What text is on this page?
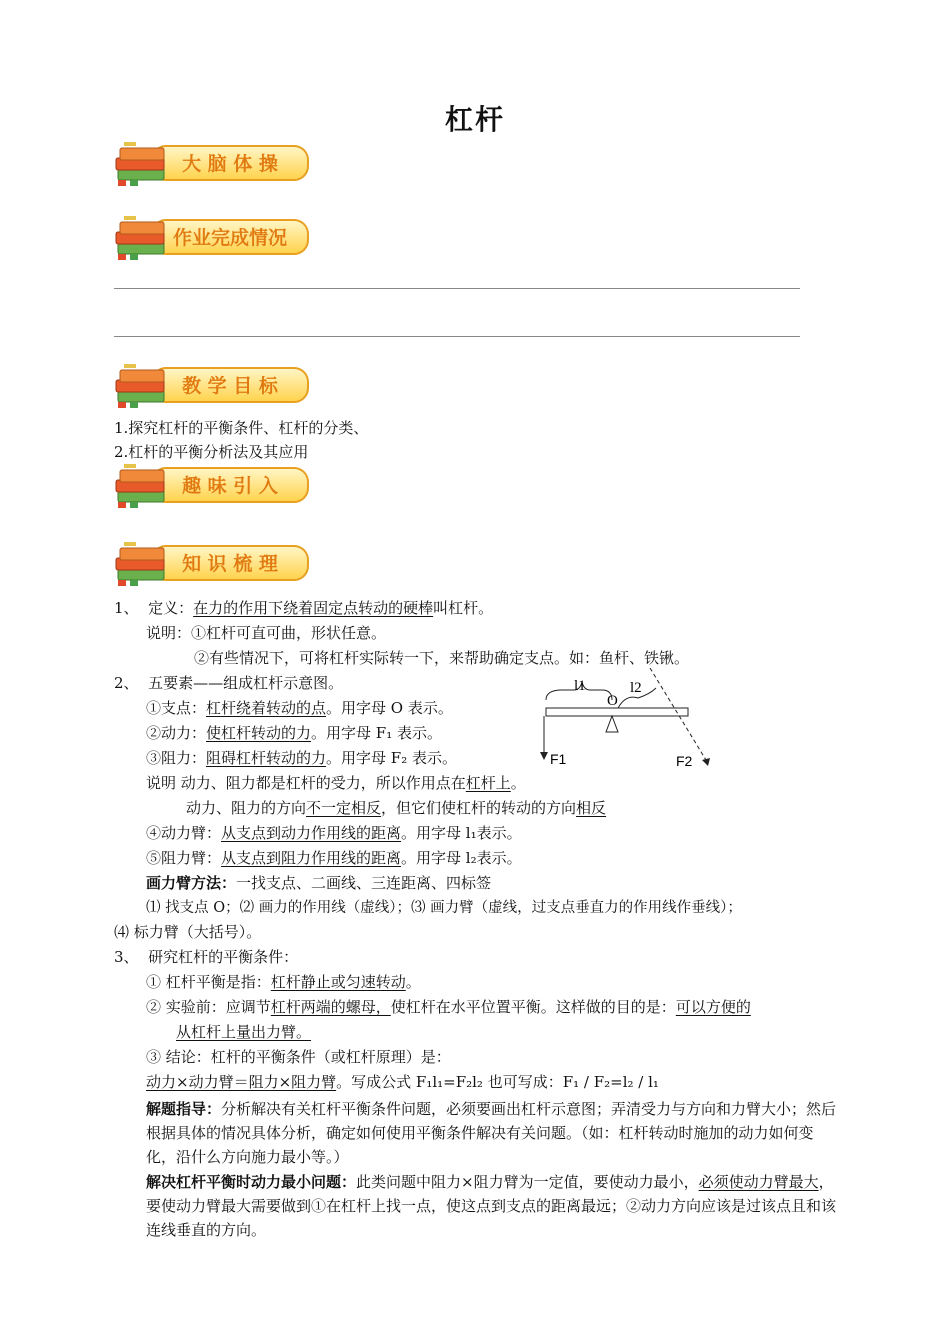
杠杆
大 脑 体 操
作业完成情况
教 学 目 标
1.探究杠杆的平衡条件、杠杆的分类、
2.杠杆的平衡分析法及其应用
趣 味 引 入
知 识 梳 理
1、 定义：在力的作用下绕着固定点转动的硬棒叫杠杆。
说明：①杠杆可直可曲，形状任意。
②有些情况下，可将杠杆实际转一下，来帮助确定支点。如：鱼杆、铁锹。
2、 五要素——组成杠杆示意图。
①支点：杠杆绕着转动的点。用字母 O 表示。
②动力：使杠杆转动的力。用字母 F₁ 表示。
③阻力：阻碍杠杆转动的力。用字母 F₂ 表示。
说明 动力、阻力都是杠杆的受力，所以作用点在杠杆上。
动力、阻力的方向不一定相反，但它们使杠杆的转动的方向相反
④动力臂：从支点到动力作用线的距离。用字母 l₁表示。
⑤阻力臂：从支点到阻力作用线的距离。用字母 l₂表示。
画力臂方法：一找支点、二画线、三连距离、四标签
⑴ 找支点 O；⑵ 画力的作用线（虚线）；⑶ 画力臂（虚线，过支点垂直力的作用线作垂线）；
⑷ 标力臂（大括号）。
l1
O
l2
F1	F2
3、 研究杠杆的平衡条件：
① 杠杆平衡是指：杠杆静止或匀速转动。
② 实验前：应调节杠杆两端的螺母，使杠杆在水平位置平衡。这样做的目的是：可以方便的
从杠杆上量出力臂。
③ 结论：杠杆的平衡条件（或杠杆原理）是：
动力×动力臂＝阻力×阻力臂。写成公式 F₁l₁=F₂l₂ 也可写成：F₁ / F₂=l₂ / l₁
解题指导：分析解决有关杠杆平衡条件问题，必须要画出杠杆示意图；弄清受力与方向和力臂大小；然后根据具体的情况具体分析，确定如何使用平衡条件解决有关问题。（如：杠杆转动时施加的动力如何变化，沿什么方向施力最小等。）
解决杠杆平衡时动力最小问题：此类问题中阻力×阻力臂为一定值，要使动力最小，必须使动力臂最大，要使动力臂最大需要做到①在杠杆上找一点，使这点到支点的距离最远；②动力方向应该是过该点且和该连线垂直的方向。
